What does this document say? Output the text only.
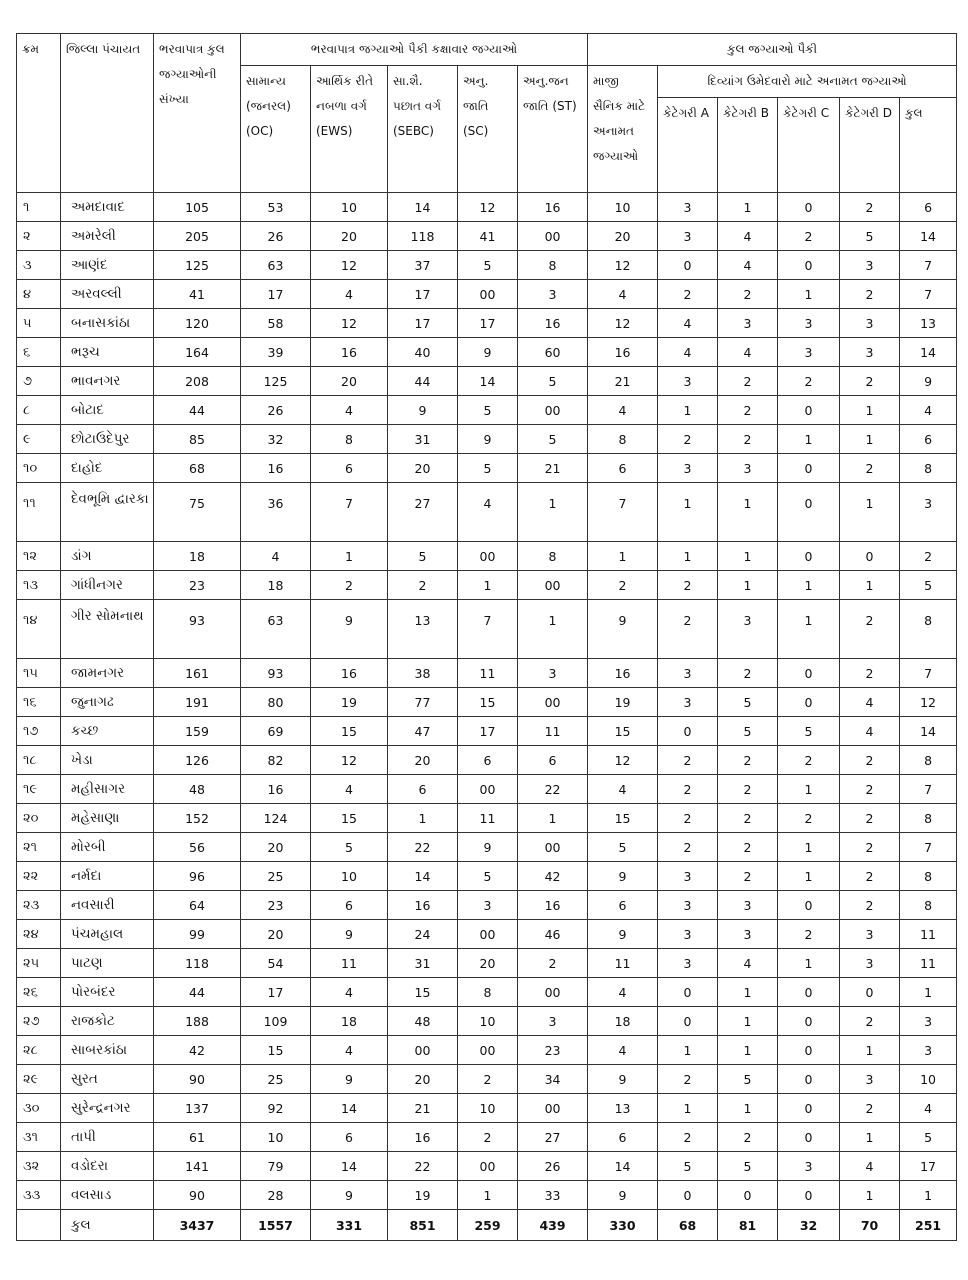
ક્રમ	જિલ્લા પંચાયત	ભરવાપાત્ર કુલ જગ્યાઓની સંખ્યા	ભરવાપાત્ર જગ્યાઓ પૈકી કક્ષાવાર જગ્યાઓ					કુલ જગ્યાઓ પૈકી					
			સામાન્ય (જનરલ) (OC)	આર્થિક રીતે નબળા વર્ગ (EWS)	સા.શૈ. પછાત વર્ગ (SEBC)	અનુ. જાતિ (SC)	અનુ.જન જાતિ (ST)	માજી સૈનિક માટે અનામત જગ્યાઓ	દિવ્યાંગ ઉમેદવારો માટે અનામત જગ્યાઓ				
									કેટેગરી A	કેટેગરી B	કેટેગરી C	કેટેગરી D	કુલ
૧	અમદાવાદ	105	53	10	14	12	16	10	3	1	0	2	6
૨	અમરેલી	205	26	20	118	41	00	20	3	4	2	5	14
૩	આણંદ	125	63	12	37	5	8	12	0	4	0	3	7
૪	અરવલ્લી	41	17	4	17	00	3	4	2	2	1	2	7
૫	બનાસકાંઠા	120	58	12	17	17	16	12	4	3	3	3	13
૬	ભરૂચ	164	39	16	40	9	60	16	4	4	3	3	14
૭	ભાવનગર	208	125	20	44	14	5	21	3	2	2	2	9
૮	બોટાદ	44	26	4	9	5	00	4	1	2	0	1	4
૯	છોટાઉદેપુર	85	32	8	31	9	5	8	2	2	1	1	6
૧૦	દાહોદ	68	16	6	20	5	21	6	3	3	0	2	8
૧૧	દેવભૂમિ દ્વારકા	75	36	7	27	4	1	7	1	1	0	1	3
૧૨	ડાંગ	18	4	1	5	00	8	1	1	1	0	0	2
૧૩	ગાંધીનગર	23	18	2	2	1	00	2	2	1	1	1	5
૧૪	ગીર સોમનાથ	93	63	9	13	7	1	9	2	3	1	2	8
૧૫	જામનગર	161	93	16	38	11	3	16	3	2	0	2	7
૧૬	જુનાગઢ	191	80	19	77	15	00	19	3	5	0	4	12
૧૭	કચ્છ	159	69	15	47	17	11	15	0	5	5	4	14
૧૮	ખેડા	126	82	12	20	6	6	12	2	2	2	2	8
૧૯	મહીસાગર	48	16	4	6	00	22	4	2	2	1	2	7
૨૦	મહેસાણા	152	124	15	1	11	1	15	2	2	2	2	8
૨૧	મોરબી	56	20	5	22	9	00	5	2	2	1	2	7
૨૨	નર્મદા	96	25	10	14	5	42	9	3	2	1	2	8
૨૩	નવસારી	64	23	6	16	3	16	6	3	3	0	2	8
૨૪	પંચમહાલ	99	20	9	24	00	46	9	3	3	2	3	11
૨૫	પાટણ	118	54	11	31	20	2	11	3	4	1	3	11
૨૬	પોરબંદર	44	17	4	15	8	00	4	0	1	0	0	1
૨૭	રાજકોટ	188	109	18	48	10	3	18	0	1	0	2	3
૨૮	સાબરકાંઠા	42	15	4	00	00	23	4	1	1	0	1	3
૨૯	સુરત	90	25	9	20	2	34	9	2	5	0	3	10
૩૦	સુરેન્દ્રનગર	137	92	14	21	10	00	13	1	1	0	2	4
૩૧	તાપી	61	10	6	16	2	27	6	2	2	0	1	5
૩૨	વડોદરા	141	79	14	22	00	26	14	5	5	3	4	17
૩૩	વલસાડ	90	28	9	19	1	33	9	0	0	0	1	1
	કુલ	3437	1557	331	851	259	439	330	68	81	32	70	251
